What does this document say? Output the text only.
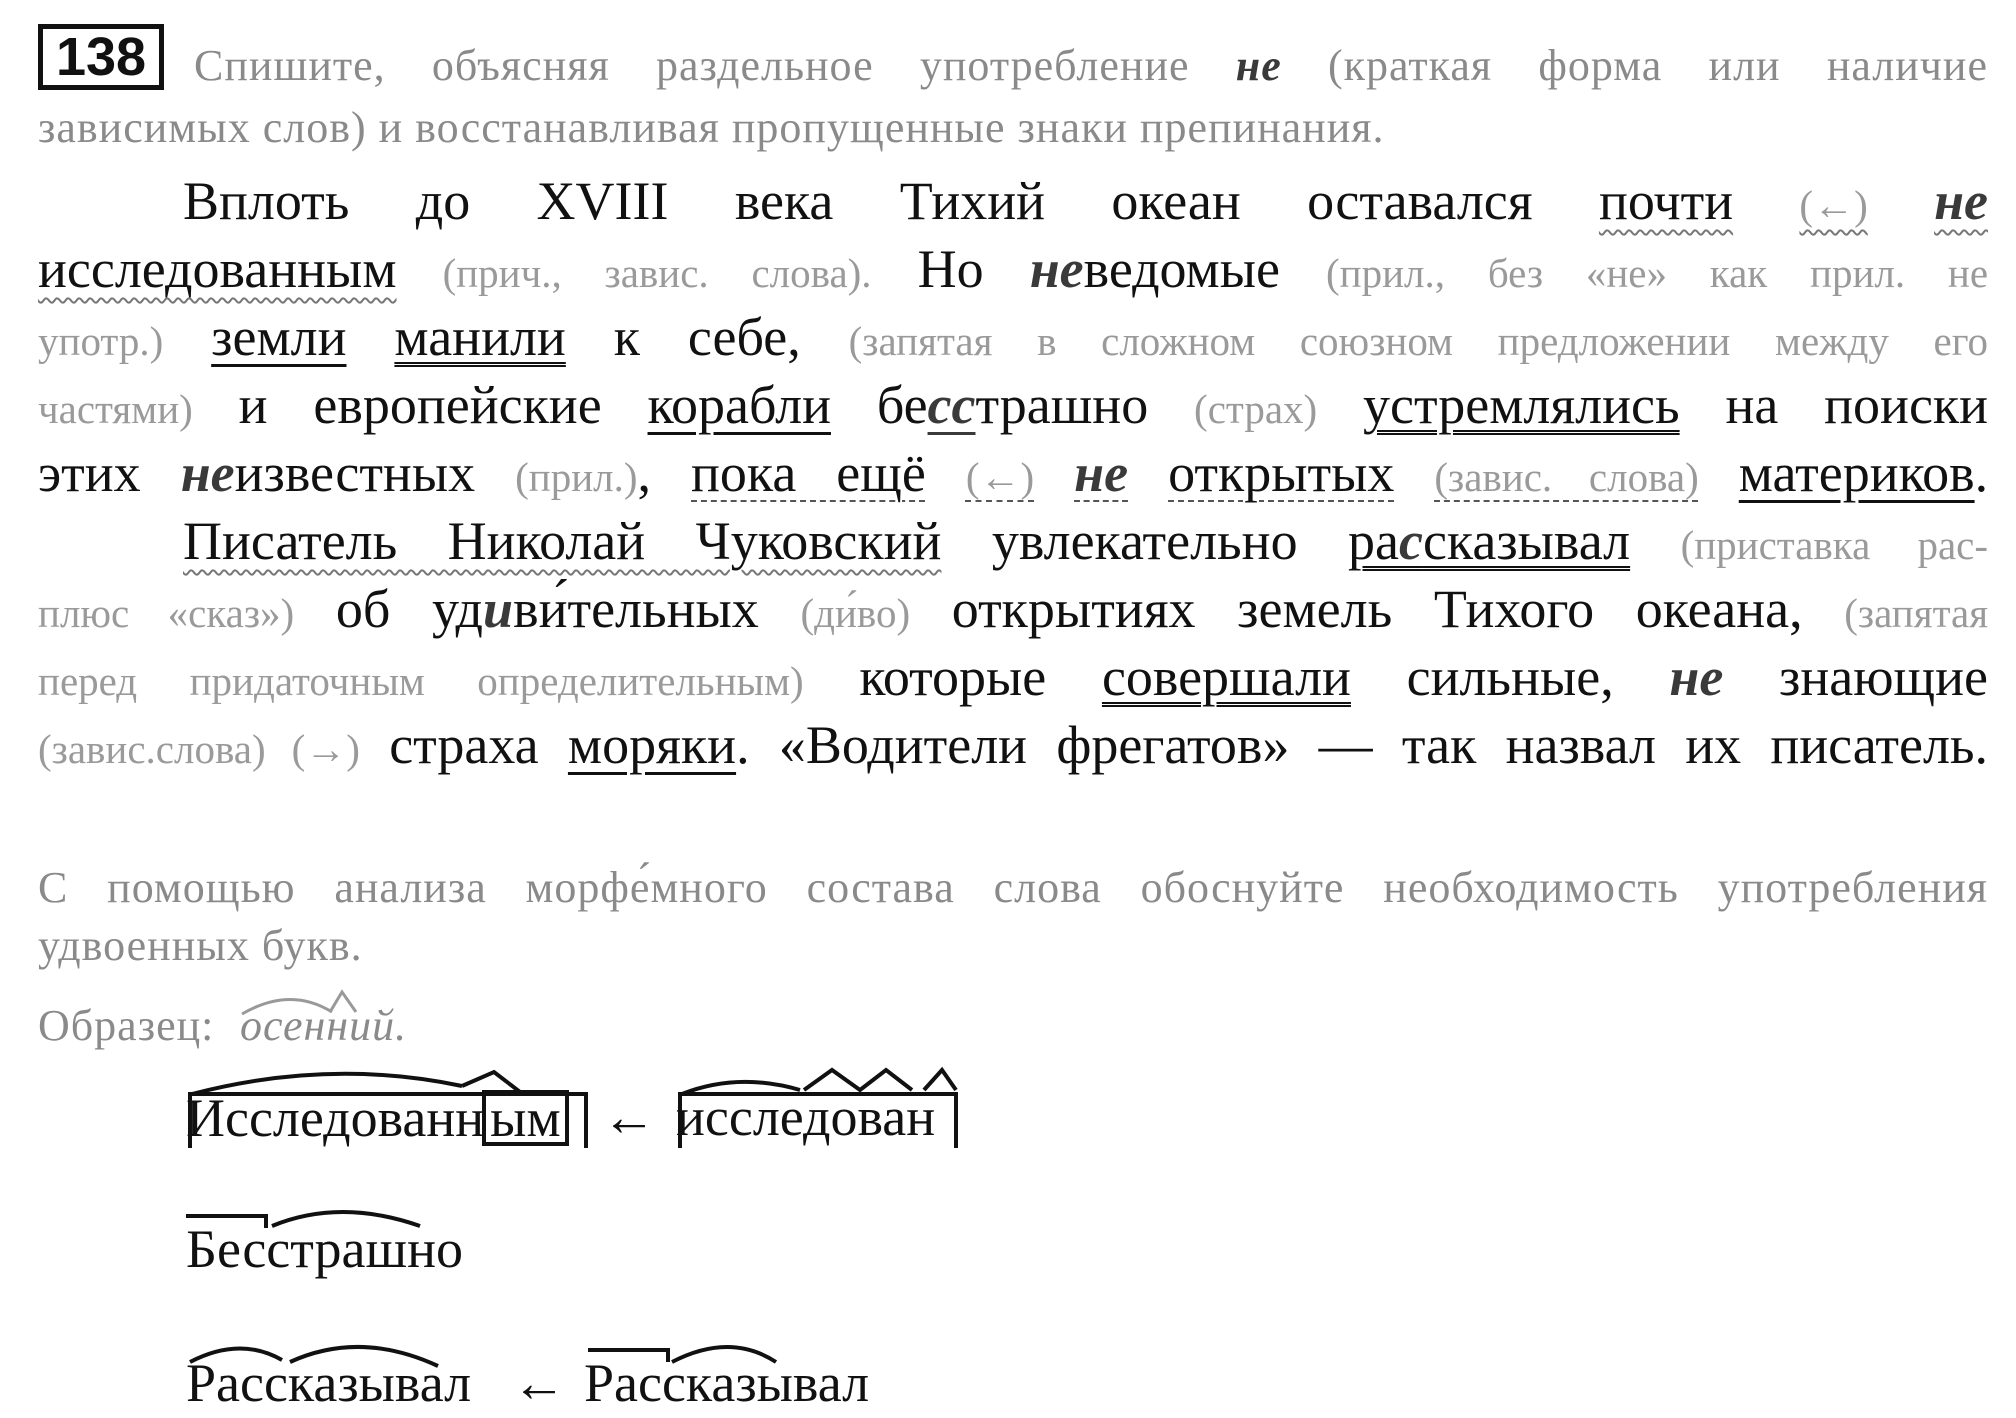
138	Спишите, объясняя раздельное употребление не (краткая форма или наличие
зависимых слов) и восстанавливая пропущенные знаки препинания.
Вплоть до XVIII века Тихий океан оставался почти (←) не
исследованным (прич., завис. слова). Но неведомые (прил., без «не» как прил. не
употр.) земли манили к себе, (запятая в сложном союзном предложении между его
частями) и европейские корабли бесстрашно (страх) устремлялись на поиски
этих неизвестных (прил.), пока ещё (←) не открытых (завис. слова) материков.
Писатель Николай Чуковский увлекательно рассказывал (приставка рас-
плюс «сказ») об удиви́тельных (ди́во) открытиях земель Тихого океана, (запятая
перед придаточным определительным) которые совершали сильные, не знающие
(завис.слова) (→) страха моряки. «Водители фрегатов» — так назвал их писатель.
С помощью анализа морфе́много состава слова обоснуйте необходимость употребления
удвоенных букв.
Образец: осенний.
Исследованн ым ← исследован
Бесстрашно
Рассказывал ← Рассказывал
